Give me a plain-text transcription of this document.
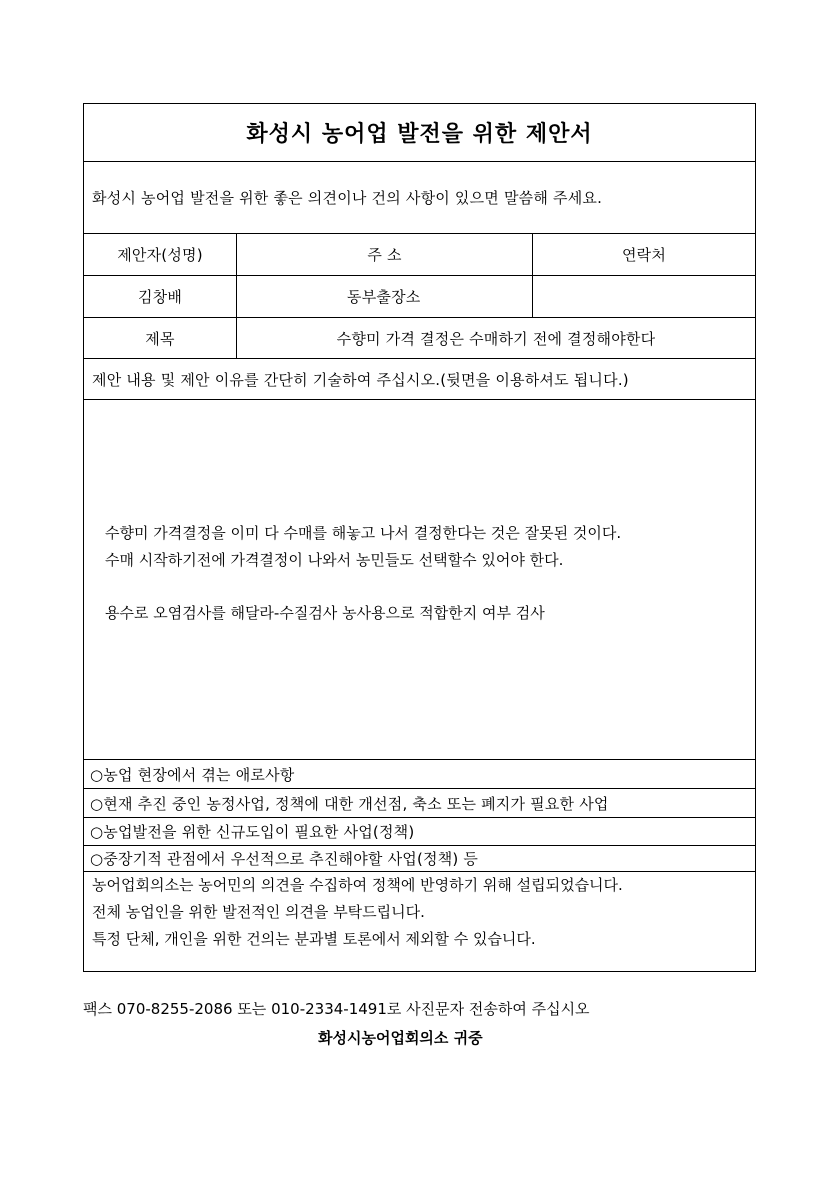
화성시 농어업 발전을 위한 제안서
화성시 농어업 발전을 위한 좋은 의견이나 건의 사항이 있으면 말씀해 주세요.
제안자(성명)	주 소	연락처
김창배	동부출장소
제목	수향미 가격 결정은 수매하기 전에 결정해야한다
제안 내용 및 제안 이유를 간단히 기술하여 주십시오.(뒷면을 이용하셔도 됩니다.)
수향미 가격결정을 이미 다 수매를 해놓고 나서 결정한다는 것은 잘못된 것이다.
수매 시작하기전에 가격결정이 나와서 농민들도 선택할수 있어야 한다.
용수로 오염검사를 해달라-수질검사 농사용으로 적합한지 여부 검사
○농업 현장에서 겪는 애로사항
○현재 추진 중인 농정사업, 정책에 대한 개선점, 축소 또는 폐지가 필요한 사업
○농업발전을 위한 신규도입이 필요한 사업(정책)
○중장기적 관점에서 우선적으로 추진해야할 사업(정책) 등
농어업회의소는 농어민의 의견을 수집하여 정책에 반영하기 위해 설립되었습니다.
전체 농업인을 위한 발전적인 의견을 부탁드립니다.
특정 단체, 개인을 위한 건의는 분과별 토론에서 제외할 수 있습니다.
팩스 070-8255-2086 또는 010-2334-1491로 사진문자 전송하여 주십시오
화성시농어업회의소 귀중
